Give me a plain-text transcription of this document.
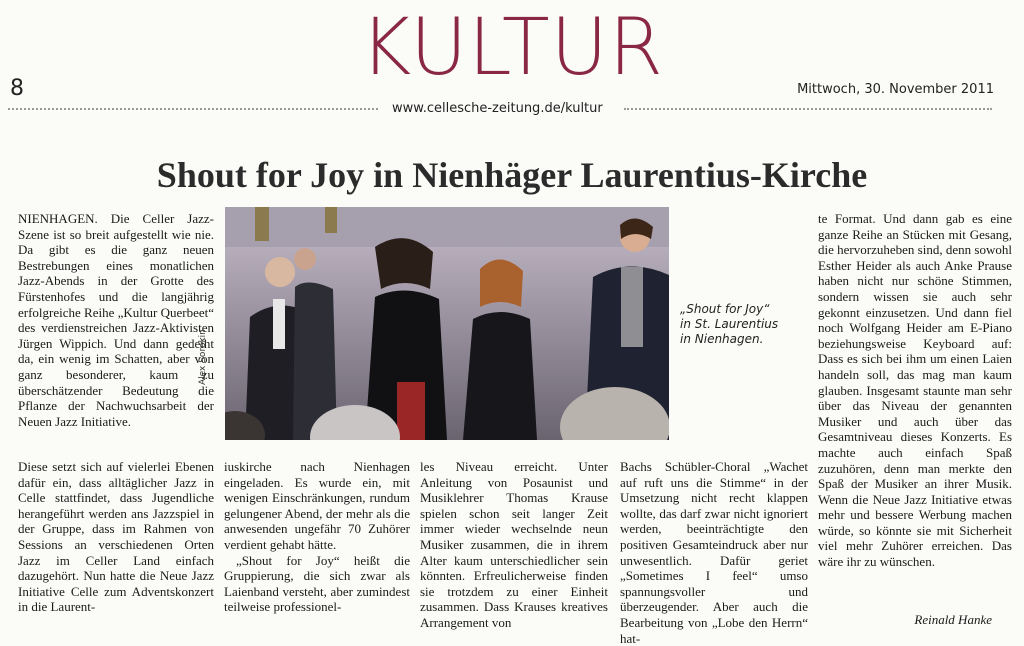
KULTUR
8	Mittwoch, 30. November 2011
www.cellesche-zeitung.de/kultur
Shout for Joy in Nienhäger Laurentius-Kirche

NIENHAGEN. Die Celler Jazz-Szene ist so breit aufgestellt wie nie. Da gibt es die ganz neuen Bestrebungen eines monatlichen Jazz-Abends in der Grotte des Fürstenhofes und die langjährig erfolgreiche Reihe „Kultur Querbeet“ des verdienstreichen Jazz-Aktivisten Jürgen Wippich. Und dann gedeiht da, ein wenig im Schatten, aber von ganz besonderer, kaum zu überschätzender Bedeutung die Pflanze der Nachwuchsarbeit der Neuen Jazz Initiative.

Alex Sorokin
„Shout for Joy“
in St. Laurentius
in Nienhagen.

Diese setzt sich auf vielerlei Ebenen dafür ein, dass alltäglicher Jazz in Celle stattfindet, dass Jugendliche herangeführt werden ans Jazzspiel in der Gruppe, dass im Rahmen von Sessions an verschiedenen Orten Jazz im Celler Land einfach dazugehört. Nun hatte die Neue Jazz Initiative Celle zum Adventskonzert in die Laurent-

iuskirche nach Nienhagen eingeladen. Es wurde ein, mit wenigen Einschränkungen, rundum gelungener Abend, der mehr als die anwesenden ungefähr 70 Zuhörer verdient gehabt hätte.

„Shout for Joy“ heißt die Gruppierung, die sich zwar als Laienband versteht, aber zumindest teilweise professionel-

les Niveau erreicht. Unter Anleitung von Posaunist und Musiklehrer Thomas Krause spielen schon seit langer Zeit immer wieder wechselnde neun Musiker zusammen, die in ihrem Alter kaum unterschiedlicher sein könnten. Erfreulicherweise finden sie trotzdem zu einer Einheit zusammen. Dass Krauses kreatives Arrangement von

Bachs Schübler-Choral „Wachet auf ruft uns die Stimme“ in der Umsetzung nicht recht klappen wollte, das darf zwar nicht ignoriert werden, beeinträchtigte den positiven Gesamteindruck aber nur unwesentlich. Dafür geriet „Sometimes I feel“ umso spannungsvoller und überzeugender. Aber auch die Bearbeitung von „Lobe den Herrn“ hat-

te Format. Und dann gab es eine ganze Reihe an Stücken mit Gesang, die hervorzuheben sind, denn sowohl Esther Heider als auch Anke Prause haben nicht nur schöne Stimmen, sondern wissen sie auch sehr gekonnt einzusetzen. Und dann fiel noch Wolfgang Heider am E-Piano beziehungsweise Keyboard auf: Dass es sich bei ihm um einen Laien handeln soll, das mag man kaum glauben. Insgesamt staunte man sehr über das Niveau der genannten Musiker und auch über das Gesamtniveau dieses Konzerts. Es machte auch einfach Spaß zuzuhören, denn man merkte den Spaß der Musiker an ihrer Musik. Wenn die Neue Jazz Initiative etwas mehr und bessere Werbung machen würde, so könnte sie mit Sicherheit viel mehr Zuhörer erreichen. Das wäre ihr zu wünschen.

Reinald Hanke
